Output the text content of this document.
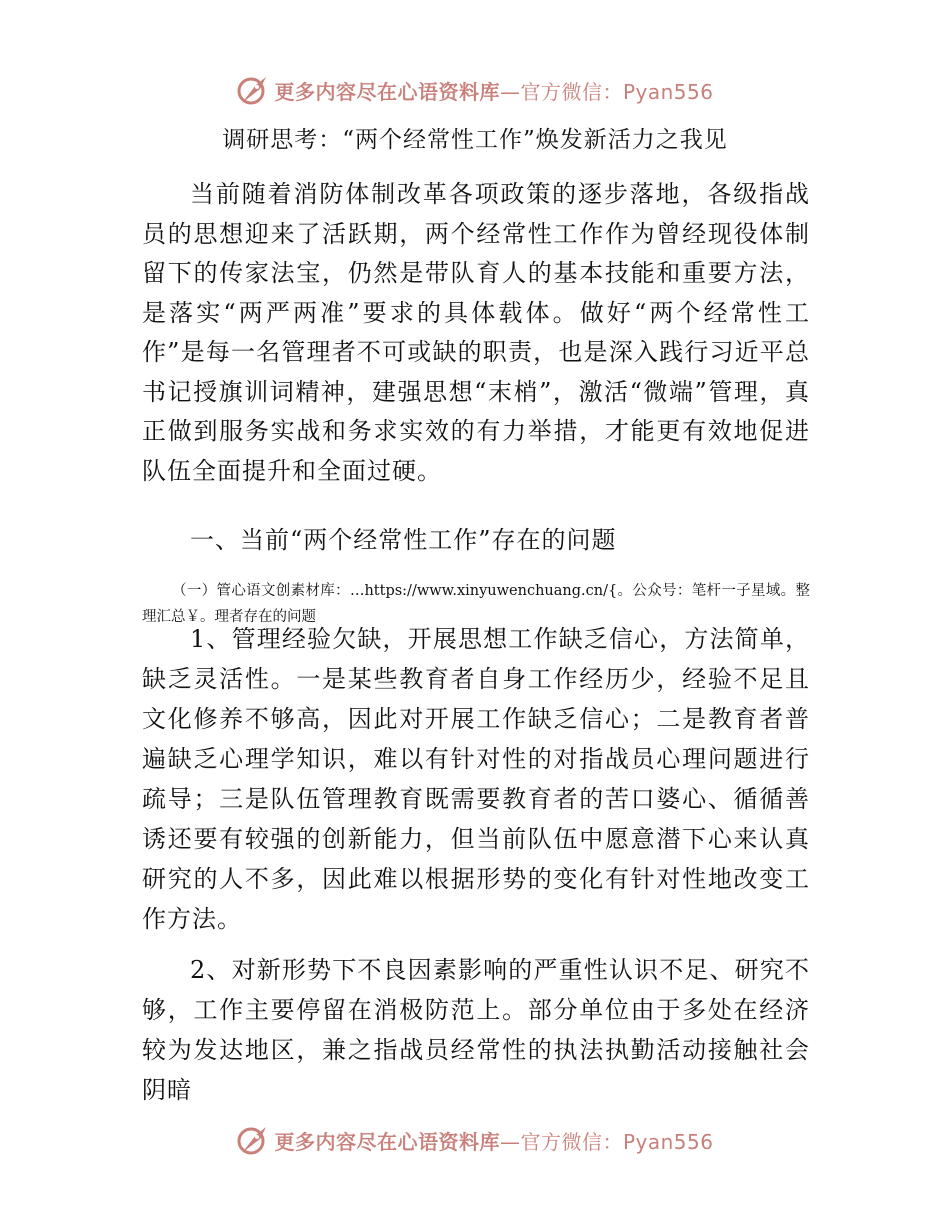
更多内容尽在心语资料库—官方微信：Pyan556
调研思考：“两个经常性工作”焕发新活力之我见
当前随着消防体制改革各项政策的逐步落地，各级指战员的思想迎来了活跃期，两个经常性工作作为曾经现役体制留下的传家法宝，仍然是带队育人的基本技能和重要方法，是落实“两严两准”要求的具体载体。做好“两个经常性工作”是每一名管理者不可或缺的职责，也是深入践行习近平总书记授旗训词精神，建强思想“末梢”，激活“微端”管理，真正做到服务实战和务求实效的有力举措，才能更有效地促进队伍全面提升和全面过硬。
一、当前“两个经常性工作”存在的问题
（一）管心语文创素材库：…https://www.xinyuwenchuang.cn/{。公众号：笔杆一子星域。整理汇总￥。理者存在的问题
1、管理经验欠缺，开展思想工作缺乏信心，方法简单，缺乏灵活性。一是某些教育者自身工作经历少，经验不足且文化修养不够高，因此对开展工作缺乏信心；二是教育者普遍缺乏心理学知识，难以有针对性的对指战员心理问题进行疏导；三是队伍管理教育既需要教育者的苦口婆心、循循善诱还要有较强的创新能力，但当前队伍中愿意潜下心来认真研究的人不多，因此难以根据形势的变化有针对性地改变工作方法。
2、对新形势下不良因素影响的严重性认识不足、研究不够，工作主要停留在消极防范上。部分单位由于多处在经济较为发达地区，兼之指战员经常性的执法执勤活动接触社会阴暗
更多内容尽在心语资料库—官方微信：Pyan556
